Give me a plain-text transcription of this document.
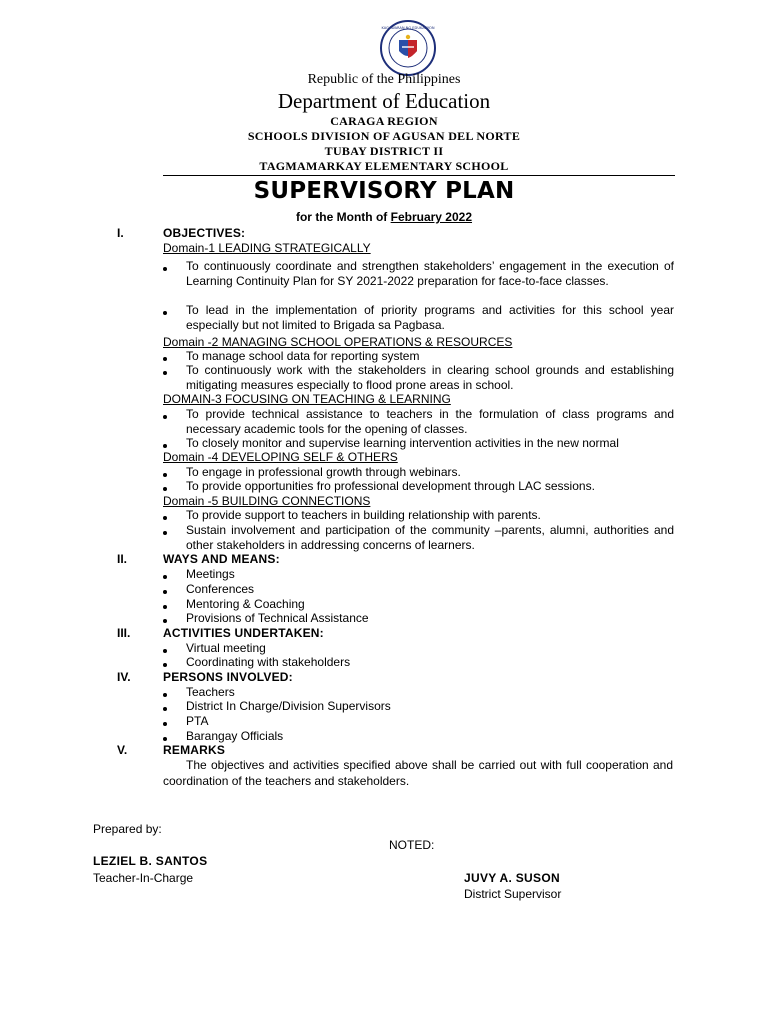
KAGAWARAN NG EDUKASYON
Republic of the Philippines
Department of Education
CARAGA REGION
SCHOOLS DIVISION OF AGUSAN DEL NORTE
TUBAY DISTRICT II
TAGMAMARKAY ELEMENTARY SCHOOL
SUPERVISORY PLAN
for the Month of February 2022
I.	OBJECTIVES:
Domain-1 LEADING STRATEGICALLY
To continuously coordinate and strengthen stakeholders’ engagement in the execution of Learning Continuity Plan for SY 2021-2022 preparation for face-to-face classes.
To lead in the implementation of priority programs and activities for this school year especially but not limited to Brigada sa Pagbasa.
Domain -2 MANAGING SCHOOL OPERATIONS & RESOURCES
To manage school data for reporting system
To continuously work with the stakeholders in clearing school grounds and establishing mitigating measures especially to flood prone areas in school.
DOMAIN-3 FOCUSING ON TEACHING & LEARNING
To provide technical assistance to teachers in the formulation of class programs and necessary academic tools for the opening of classes.
To closely monitor and supervise learning intervention activities in the new normal
Domain -4 DEVELOPING SELF & OTHERS
To engage in professional growth through webinars.
To provide opportunities fro professional development through LAC sessions.
Domain -5 BUILDING CONNECTIONS
To provide support to teachers in building relationship with parents.
Sustain involvement and participation of the community –parents, alumni, authorities and other stakeholders in addressing concerns of learners.
II.	WAYS AND MEANS:
Meetings
Conferences
Mentoring & Coaching
Provisions of Technical Assistance
III.	ACTIVITIES UNDERTAKEN:
Virtual meeting
Coordinating with stakeholders
IV.	PERSONS INVOLVED:
Teachers
District In Charge/Division Supervisors
PTA
Barangay Officials
V.	REMARKS
The objectives and activities specified above shall be carried out with full cooperation and coordination of the teachers and stakeholders.
Prepared by:
NOTED:
LEZIEL B. SANTOS
Teacher-In-Charge	JUVY A. SUSON
District Supervisor
